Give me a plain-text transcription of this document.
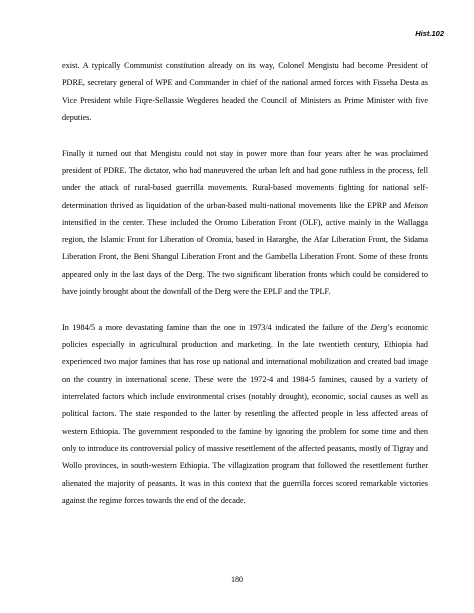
Hist.102

exist. A typically Communist constitution already on its way, Colonel Mengistu had become President of PDRE, secretary general of WPE and Commander in chief of the national armed forces with Fisseha Desta as Vice President while Fiqre-Sellassie Wegderes headed the Council of Ministers as Prime Minister with five deputies.

Finally it turned out that Mengistu could not stay in power more than four years after he was proclaimed president of PDRE. The dictator, who had maneuvered the urban left and had gone ruthless in the process, fell under the attack of rural-based guerrilla movements. Rural-based movements fighting for national self-determination thrived as liquidation of the urban-based multi-national movements like the EPRP and Meison intensified in the center. These included the Oromo Liberation Front (OLF), active mainly in the Wallagga region, the Islamic Front for Liberation of Oromia, based in Hararghe, the Afar Liberation Front, the Sidama Liberation Front, the Beni Shangul Liberation Front and the Gambella Liberation Front. Some of these fronts appeared only in the last days of the Derg. The two significant liberation fronts which could be considered to have jointly brought about the downfall of the Derg were the EPLF and the TPLF.

In 1984/5 a more devastating famine than the one in 1973/4 indicated the failure of the Derg’s economic policies especially in agricultural production and marketing. In the late twentieth century, Ethiopia had experienced two major famines that has rose up national and international mobilization and created bad image on the country in international scene. These were the 1972-4 and 1984-5 famines, caused by a variety of interrelated factors which include environmental crises (notably drought), economic, social causes as well as political factors. The state responded to the latter by resettling the affected people in less affected areas of western Ethiopia. The government responded to the famine by ignoring the problem for some time and then only to introduce its controversial policy of massive resettlement of the affected peasants, mostly of Tigray and Wollo provinces, in south-western Ethiopia. The villagization program that followed the resettlement further alienated the majority of peasants. It was in this context that the guerrilla forces scored remarkable victories against the regime forces towards the end of the decade.

180
